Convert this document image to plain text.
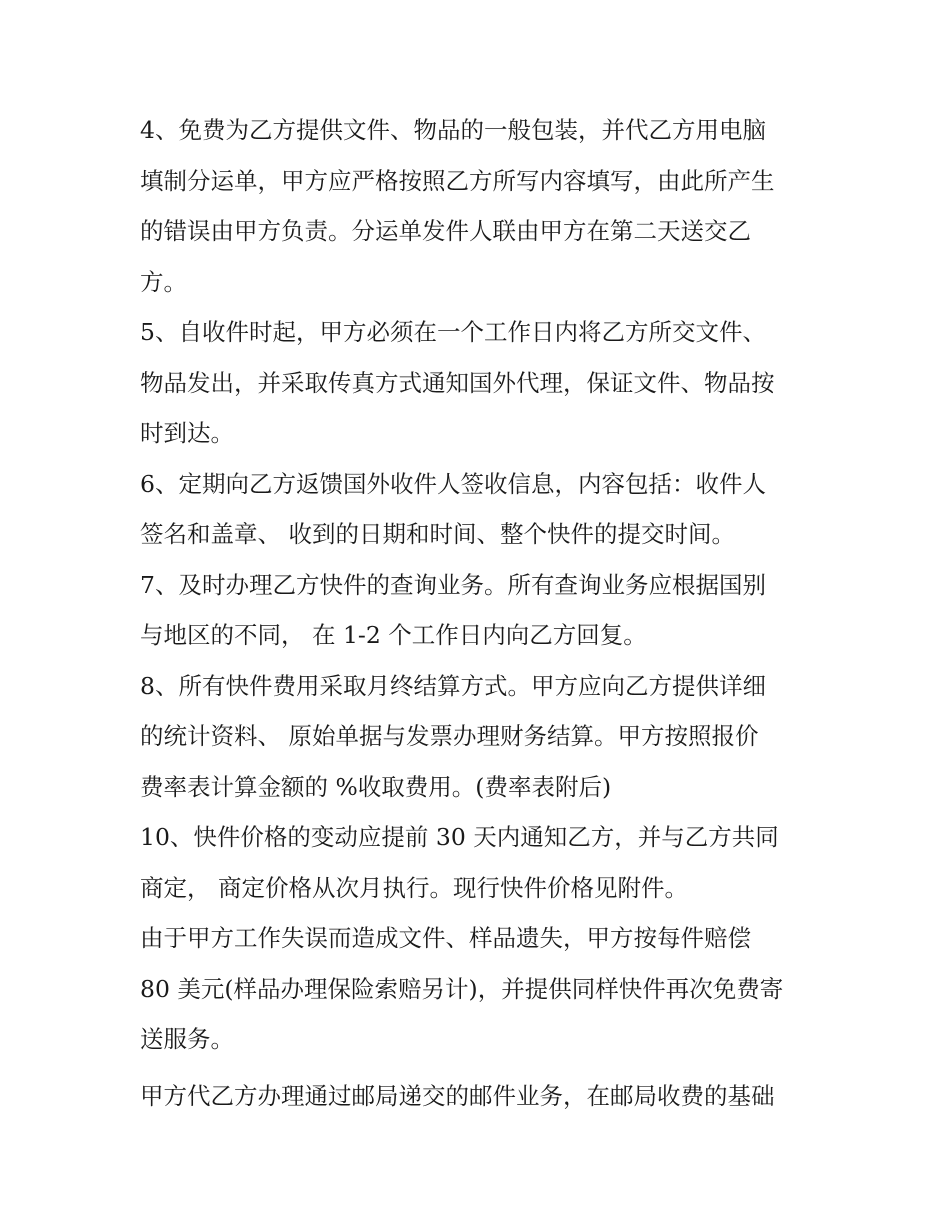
4、免费为乙方提供文件、物品的一般包装，并代乙方用电脑
填制分运单，甲方应严格按照乙方所写内容填写，由此所产生
的错误由甲方负责。分运单发件人联由甲方在第二天送交乙
方。
5、自收件时起，甲方必须在一个工作日内将乙方所交文件、
物品发出，并采取传真方式通知国外代理，保证文件、物品按
时到达。
6、定期向乙方返馈国外收件人签收信息，内容包括：收件人
签名和盖章、 收到的日期和时间、整个快件的提交时间。
7、及时办理乙方快件的查询业务。所有查询业务应根据国别
与地区的不同， 在 1-2 个工作日内向乙方回复。
8、所有快件费用采取月终结算方式。甲方应向乙方提供详细
的统计资料、 原始单据与发票办理财务结算。甲方按照报价
费率表计算金额的 %收取费用。(费率表附后)
10、快件价格的变动应提前 30 天内通知乙方，并与乙方共同
商定， 商定价格从次月执行。现行快件价格见附件。
由于甲方工作失误而造成文件、样品遗失，甲方按每件赔偿
80 美元(样品办理保险索赔另计)，并提供同样快件再次免费寄
送服务。
甲方代乙方办理通过邮局递交的邮件业务，在邮局收费的基础
